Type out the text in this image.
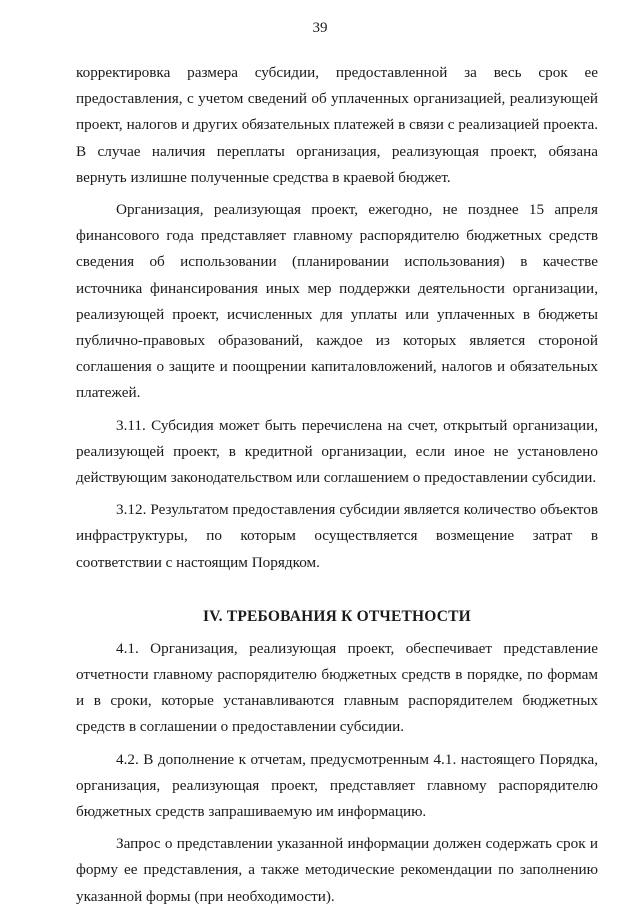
39

корректировка размера субсидии, предоставленной за весь срок ее предоставления, с учетом сведений об уплаченных организацией, реализующей проект, налогов и других обязательных платежей в связи с реализацией проекта. В случае наличия переплаты организация, реализующая проект, обязана вернуть излишне полученные средства в краевой бюджет.

Организация, реализующая проект, ежегодно, не позднее 15 апреля финансового года представляет главному распорядителю бюджетных средств сведения об использовании (планировании использования) в качестве источника финансирования иных мер поддержки деятельности организации, реализующей проект, исчисленных для уплаты или уплаченных в бюджеты публично-правовых образований, каждое из которых является стороной соглашения о защите и поощрении капиталовложений, налогов и обязательных платежей.

3.11. Субсидия может быть перечислена на счет, открытый организации, реализующей проект, в кредитной организации, если иное не установлено действующим законодательством или соглашением о предоставлении субсидии.

3.12. Результатом предоставления субсидии является количество объектов инфраструктуры, по которым осуществляется возмещение затрат в соответствии с настоящим Порядком.

IV. ТРЕБОВАНИЯ К ОТЧЕТНОСТИ

4.1. Организация, реализующая проект, обеспечивает представление отчетности главному распорядителю бюджетных средств в порядке, по формам и в сроки, которые устанавливаются главным распорядителем бюджетных средств в соглашении о предоставлении субсидии.

4.2. В дополнение к отчетам, предусмотренным 4.1. настоящего Порядка, организация, реализующая проект, представляет главному распорядителю бюджетных средств запрашиваемую им информацию.

Запрос о представлении указанной информации должен содержать срок и форму ее представления, а также методические рекомендации по заполнению указанной формы (при необходимости).
